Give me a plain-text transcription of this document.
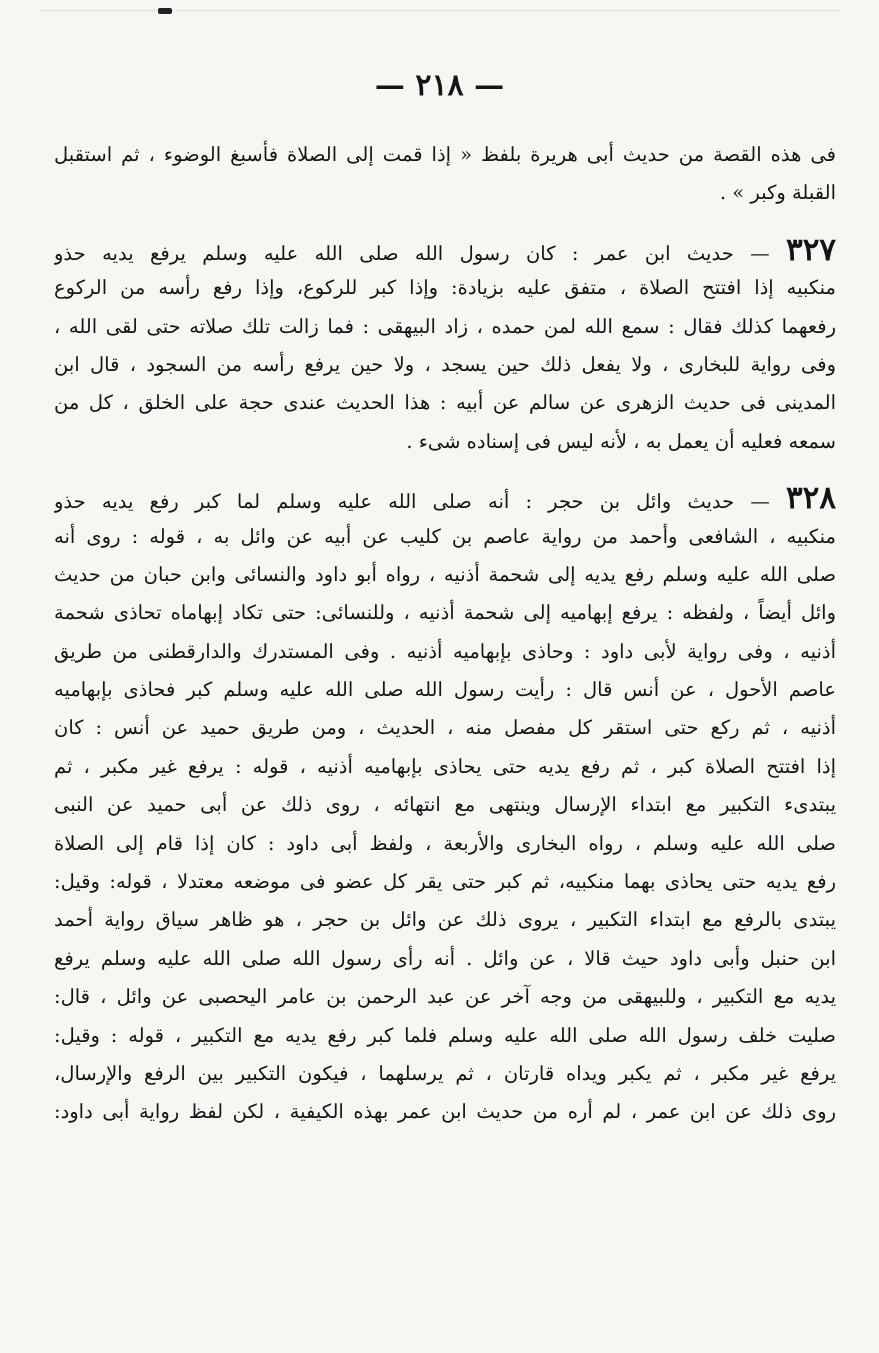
— ٢١٨ —
فى هذه القصة من حديث أبى هريرة بلفظ « إذا قمت إلى الصلاة فأسبغ الوضوء ، ثم استقبل
القبلة وكبر » .
٣٢٧ — حديث ابن عمر : كان رسول الله صلى الله عليه وسلم يرفع يديه حذو
منكبيه إذا افتتح الصلاة ، متفق عليه بزيادة: وإذا كبر للركوع، وإذا رفع رأسه من الركوع
رفعهما كذلك فقال : سمع الله لمن حمده ، زاد البيهقى : فما زالت تلك صلاته حتى لقى الله ،
وفى رواية للبخارى ، ولا يفعل ذلك حين يسجد ، ولا حين يرفع رأسه من السجود ، قال ابن
المدينى فى حديث الزهرى عن سالم عن أبيه : هذا الحديث عندى حجة على الخلق ، كل من
سمعه فعليه أن يعمل به ، لأنه ليس فى إسناده شىء .
٣٢٨ — حديث وائل بن حجر : أنه صلى الله عليه وسلم لما كبر رفع يديه حذو
منكبيه ، الشافعى وأحمد من رواية عاصم بن كليب عن أبيه عن وائل به ، قوله : روى أنه
صلى الله عليه وسلم رفع يديه إلى شحمة أذنيه ، رواه أبو داود والنسائى وابن حبان من حديث
وائل أيضاً ، ولفظه : يرفع إبهاميه إلى شحمة أذنيه ، وللنسائى: حتى تكاد إبهاماه تحاذى شحمة
أذنيه ، وفى رواية لأبى داود : وحاذى بإبهاميه أذنيه . وفى المستدرك والدارقطنى من طريق
عاصم الأحول ، عن أنس قال : رأيت رسول الله صلى الله عليه وسلم كبر فحاذى بإبهاميه
أذنيه ، ثم ركع حتى استقر كل مفصل منه ، الحديث ، ومن طريق حميد عن أنس : كان
إذا افتتح الصلاة كبر ، ثم رفع يديه حتى يحاذى بإبهاميه أذنيه ، قوله : يرفع غير مكبر ، ثم
يبتدىء التكبير مع ابتداء الإرسال وينتهى مع انتهائه ، روى ذلك عن أبى حميد عن النبى
صلى الله عليه وسلم ، رواه البخارى والأربعة ، ولفظ أبى داود : كان إذا قام إلى الصلاة
رفع يديه حتى يحاذى بهما منكبيه، ثم كبر حتى يقر كل عضو فى موضعه معتدلا ، قوله: وقيل:
يبتدى بالرفع مع ابتداء التكبير ، يروى ذلك عن وائل بن حجر ، هو ظاهر سياق رواية أحمد
ابن حنبل وأبى داود حيث قالا ، عن وائل . أنه رأى رسول الله صلى الله عليه وسلم يرفع
يديه مع التكبير ، وللبيهقى من وجه آخر عن عبد الرحمن بن عامر اليحصبى عن وائل ، قال:
صليت خلف رسول الله صلى الله عليه وسلم فلما كبر رفع يديه مع التكبير ، قوله : وقيل:
يرفع غير مكبر ، ثم يكبر ويداه قارتان ، ثم يرسلهما ، فيكون التكبير بين الرفع والإرسال،
روى ذلك عن ابن عمر ، لم أره من حديث ابن عمر بهذه الكيفية ، لكن لفظ رواية أبى داود:
